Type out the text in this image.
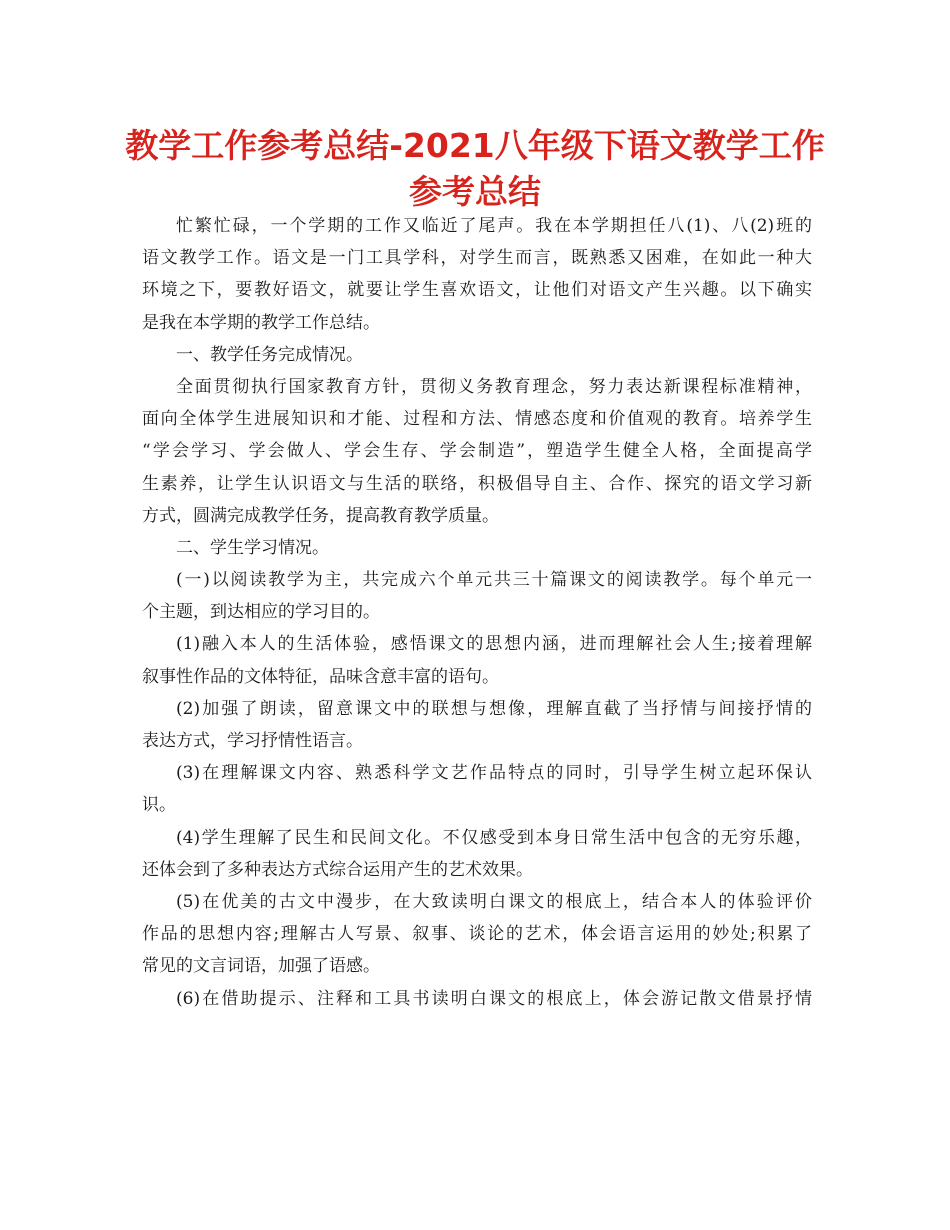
教学工作参考总结-2021八年级下语文教学工作
参考总结
忙繁忙碌，一个学期的工作又临近了尾声。我在本学期担任八(1)、八(2)班的
语文教学工作。语文是一门工具学科，对学生而言，既熟悉又困难，在如此一种大
环境之下，要教好语文，就要让学生喜欢语文，让他们对语文产生兴趣。以下确实
是我在本学期的教学工作总结。
一、教学任务完成情况。
全面贯彻执行国家教育方针，贯彻义务教育理念，努力表达新课程标准精神，
面向全体学生进展知识和才能、过程和方法、情感态度和价值观的教育。培养学生
“学会学习、学会做人、学会生存、学会制造”，塑造学生健全人格，全面提高学
生素养，让学生认识语文与生活的联络，积极倡导自主、合作、探究的语文学习新
方式，圆满完成教学任务，提高教育教学质量。
二、学生学习情况。
(一)以阅读教学为主，共完成六个单元共三十篇课文的阅读教学。每个单元一
个主题，到达相应的学习目的。
(1)融入本人的生活体验，感悟课文的思想内涵，进而理解社会人生;接着理解
叙事性作品的文体特征，品味含意丰富的语句。
(2)加强了朗读，留意课文中的联想与想像，理解直截了当抒情与间接抒情的
表达方式，学习抒情性语言。
(3)在理解课文内容、熟悉科学文艺作品特点的同时，引导学生树立起环保认
识。
(4)学生理解了民生和民间文化。不仅感受到本身日常生活中包含的无穷乐趣，
还体会到了多种表达方式综合运用产生的艺术效果。
(5)在优美的古文中漫步，在大致读明白课文的根底上，结合本人的体验评价
作品的思想内容;理解古人写景、叙事、谈论的艺术，体会语言运用的妙处;积累了
常见的文言词语，加强了语感。
(6)在借助提示、注释和工具书读明白课文的根底上，体会游记散文借景抒情
